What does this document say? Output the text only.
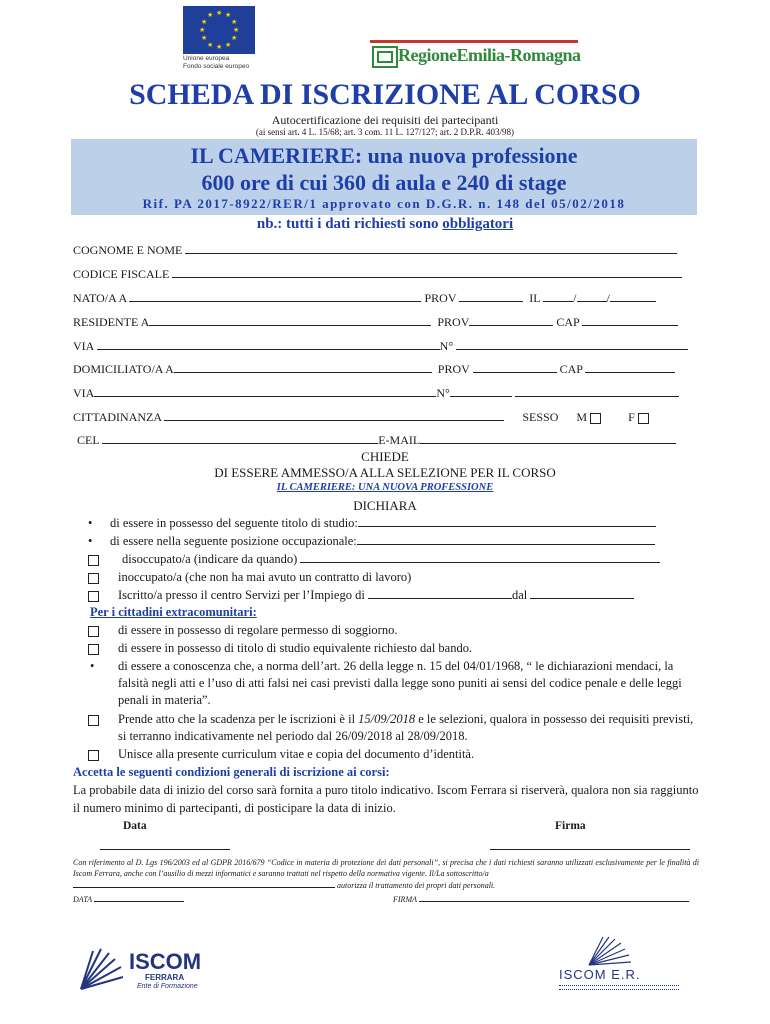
★ ★
★
★
★
★
★
★
★
★
★
★
Unione europea
Fondo sociale europeo
RegioneEmilia-Romagna
SCHEDA DI ISCRIZIONE AL CORSO
Autocertificazione dei requisiti dei partecipanti
(ai sensi art. 4 L. 15/68; art. 3 com. 11 L. 127/127; art. 2 D.P.R. 403/98)
IL CAMERIERE: una nuova professione
600 ore di cui 360 di aula e 240 di stage
Rif. PA 2017-8922/RER/1 approvato con D.G.R. n. 148 del 05/02/2018
nb.: tutti i dati richiesti sono obbligatori
COGNOME E NOME
CODICE FISCALE
NATO/A A	PROV	IL	/	/
RESIDENTE A	PROV	CAP
VIA	N°
DOMICILIATO/A A	PROV	CAP
VIA	N°
CITTADINANZA	SESSO M	F
CEL	E-MAIL
CHIEDE
DI ESSERE AMMESSO/A ALLA SELEZIONE PER IL CORSO
IL CAMERIERE: UNA NUOVA PROFESSIONE
DICHIARA
•	di essere in possesso del seguente titolo di studio:
•	di essere nella seguente posizione occupazionale:
disoccupato/a (indicare da quando)
inoccupato/a (che non ha mai avuto un contratto di lavoro)
Iscritto/a presso il centro Servizi per l’Impiego di	dal
Per i cittadini extracomunitari:
di essere in possesso di regolare permesso di soggiorno.
di essere in possesso di titolo di studio equivalente richiesto dal bando.
•	di essere a conoscenza che, a norma dell’art. 26 della legge n. 15 del 04/01/1968, “ le dichiarazioni mendaci, la falsità negli atti e l’uso di atti falsi nei casi previsti dalla legge sono puniti ai sensi del codice penale e delle leggi penali in materia”.
Prende atto che la scadenza per le iscrizioni è il 15/09/2018 e le selezioni, qualora in possesso dei requisiti previsti, si terranno indicativamente nel periodo dal 26/09/2018 al 28/09/2018.
Unisce alla presente curriculum vitae e copia del documento d’identità.
Accetta le seguenti condizioni generali di iscrizione ai corsi:
La probabile data di inizio del corso sarà fornita a puro titolo indicativo. Iscom Ferrara si riserverà, qualora non sia raggiunto il numero minimo di partecipanti, di posticipare la data di inizio.
Data	Firma
Con riferimento al D. Lgs 196/2003 ed al GDPR 2016/679 “Codice in materia di protezione dei dati personali”, si precisa che i dati richiesti saranno utilizzati esclusivamente per le finalità di Iscom Ferrara, anche con l’ausilio di mezzi informatici e saranno trattati nel rispetto della normativa vigente. Il/La sottoscritto/a
autorizza il trattamento dei propri dati personali.
DATA	FIRMA
ISCOM
FERRARA
Ente di Formazione
ISCOM E.R.
